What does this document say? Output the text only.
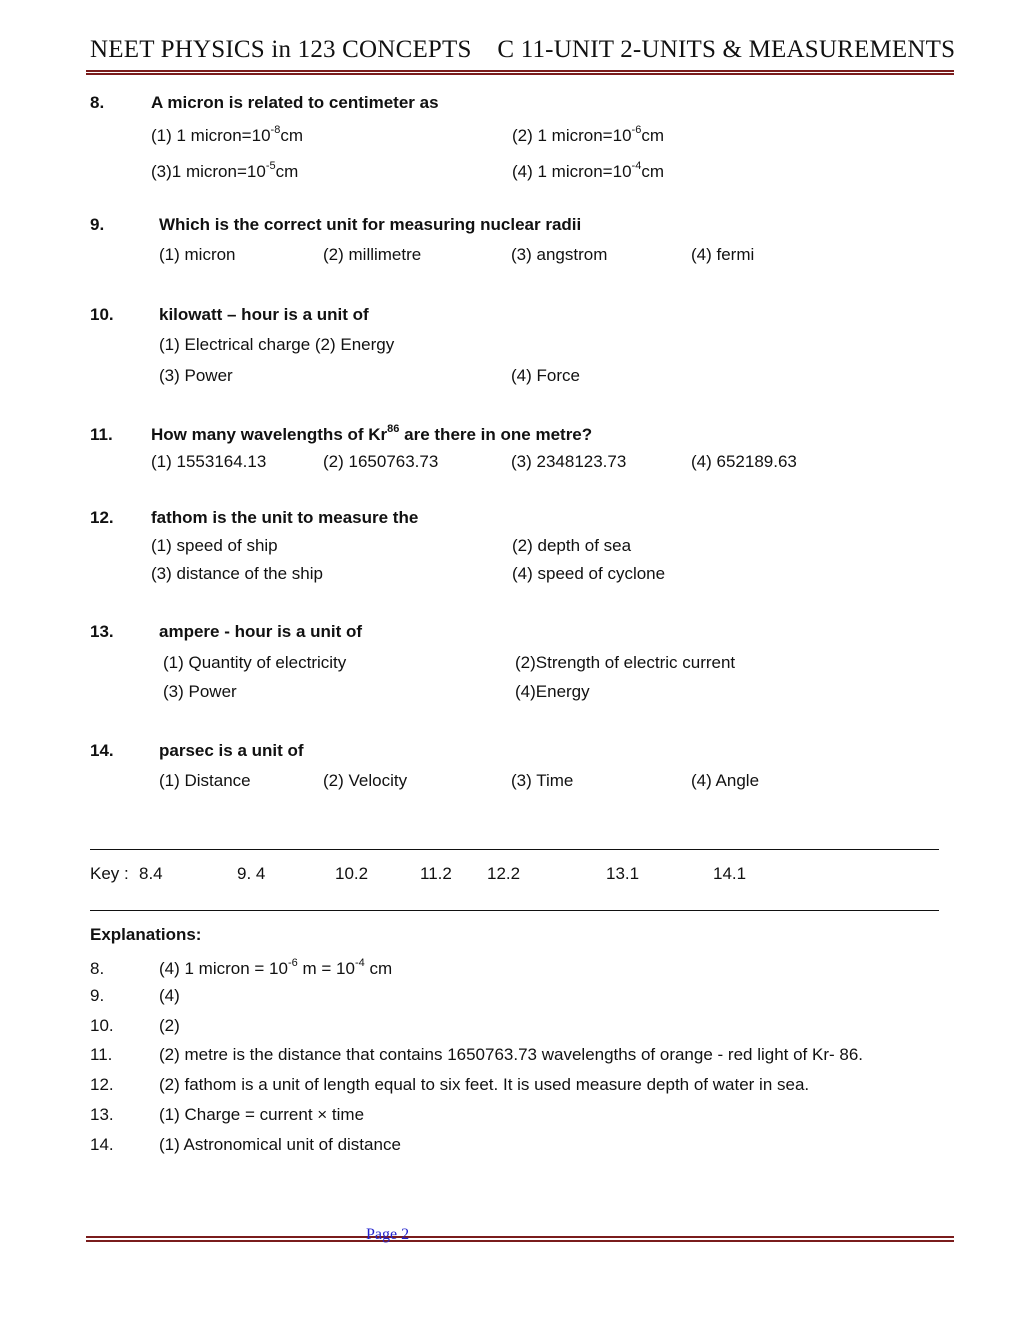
NEET PHYSICS in 123 CONCEPTS    C 11-UNIT 2-UNITS & MEASUREMENTS
8.	A micron is related to centimeter as
(1) 1 $micron=10^{-8}cm$	(2) 1 $micron=10^{-6}cm$
(3)1 $micron=10^{-5}cm$	(4) 1 $micron=10^{-4}cm$
9.	Which is the correct unit for measuring nuclear radii
(1) micron	(2) millimetre	(3) angstrom	(4) fermi
10.	kilowatt – hour is a unit of
(1) Electrical charge (2) Energy
(3) Power	(4) Force
11. How many wavelengths of Kr$^{86}$ are there in one metre?
(1) 1553164.13	(2) 1650763.73	(3) 2348123.73	(4) 652189.63
12. fathom is the unit to measure the
(1) speed of ship	(2) depth of sea
(3) distance of the ship	(4) speed of cyclone
13.	ampere - hour is a unit of
(1) Quantity of electricity	(2)Strength of electric current
(3) Power	(4)Energy
14.	parsec is a unit of
(1) Distance	(2) Velocity	(3) Time	(4) Angle
Key : 8.4	9. 4	10.2	11.2 12.2	13.1	14.1
Explanations:
8.	(4) 1 micron = $10^{-6}$ $m = 10^{-4}$ cm
9.	(4)
10.	(2)
11.	(2) metre is the distance that contains 1650763.73 wavelengths of orange - red light of Kr- 86.
12.	(2) fathom is a unit of length equal to six feet. It is used measure depth of water in sea.
13.	(1) Charge = current × time
14.	(1) Astronomical unit of distance
Page 2
